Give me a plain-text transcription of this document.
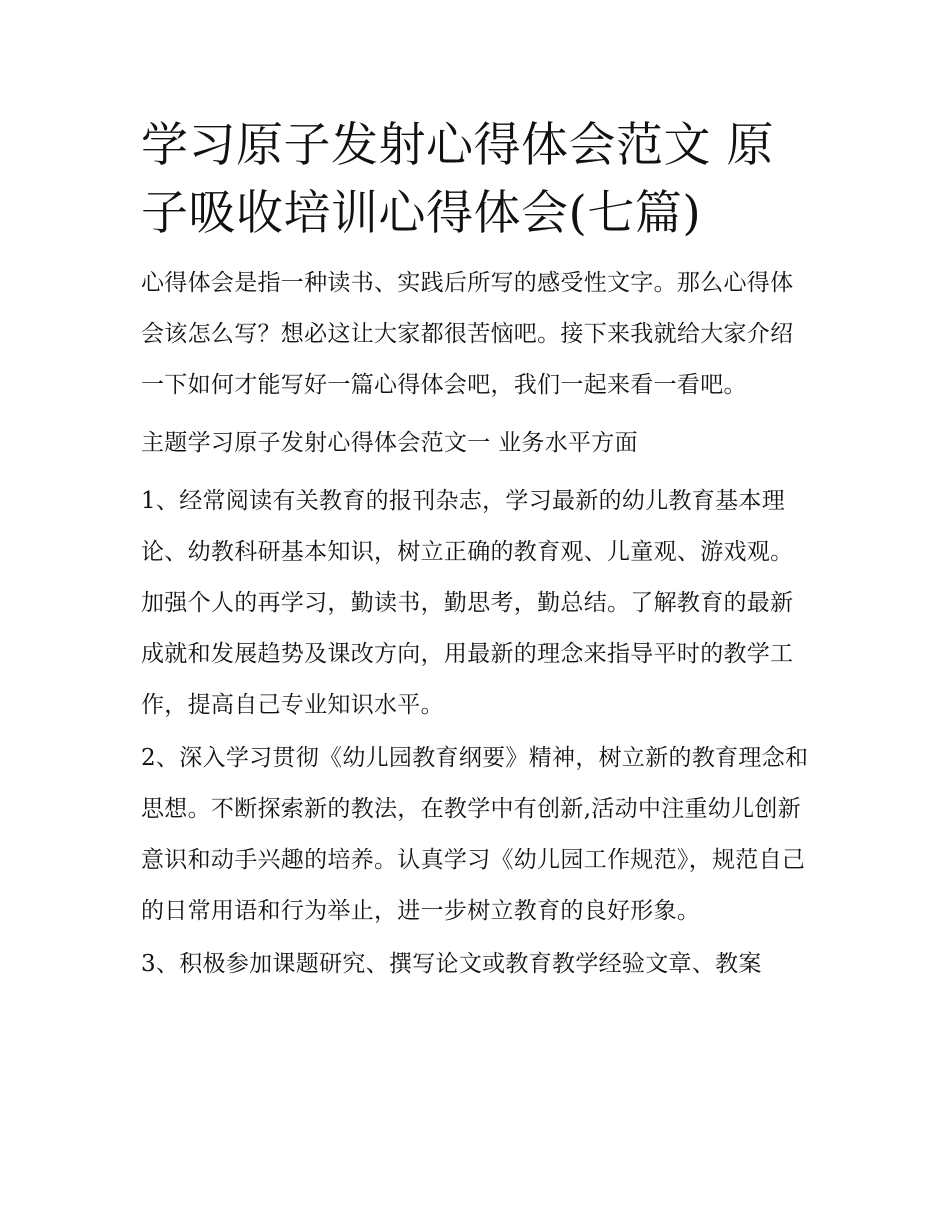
学习原子发射心得体会范文 原子吸收培训心得体会(七篇)

心得体会是指一种读书、实践后所写的感受性文字。那么心得体会该怎么写？想必这让大家都很苦恼吧。接下来我就给大家介绍一下如何才能写好一篇心得体会吧，我们一起来看一看吧。

主题学习原子发射心得体会范文一 业务水平方面

1、经常阅读有关教育的报刊杂志，学习最新的幼儿教育基本理论、幼教科研基本知识，树立正确的教育观、儿童观、游戏观。加强个人的再学习，勤读书，勤思考，勤总结。了解教育的最新成就和发展趋势及课改方向，用最新的理念来指导平时的教学工作，提高自己专业知识水平。

2、深入学习贯彻《幼儿园教育纲要》精神，树立新的教育理念和思想。不断探索新的教法，在教学中有创新,活动中注重幼儿创新意识和动手兴趣的培养。认真学习《幼儿园工作规范》，规范自己的日常用语和行为举止，进一步树立教育的良好形象。

3、积极参加课题研究、撰写论文或教育教学经验文章、教案
